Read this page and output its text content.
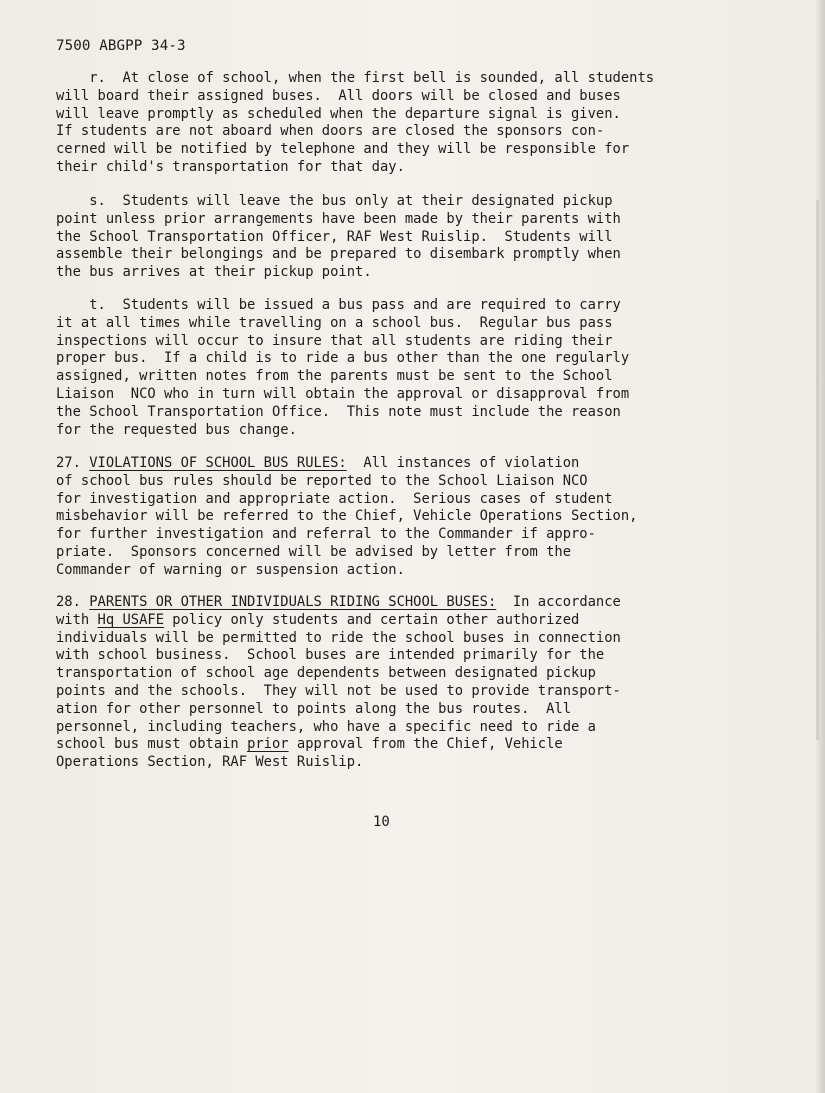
7500 ABGPP 34-3
r.  At close of school, when the first bell is sounded, all students
will board their assigned buses.  All doors will be closed and buses
will leave promptly as scheduled when the departure signal is given.
If students are not aboard when doors are closed the sponsors con-
cerned will be notified by telephone and they will be responsible for
their child's transportation for that day.
s.  Students will leave the bus only at their designated pickup
point unless prior arrangements have been made by their parents with
the School Transportation Officer, RAF West Ruislip.  Students will
assemble their belongings and be prepared to disembark promptly when
the bus arrives at their pickup point.
t.  Students will be issued a bus pass and are required to carry
it at all times while travelling on a school bus.  Regular bus pass
inspections will occur to insure that all students are riding their
proper bus.  If a child is to ride a bus other than the one regularly
assigned, written notes from the parents must be sent to the School
Liaison  NCO who in turn will obtain the approval or disapproval from
the School Transportation Office.  This note must include the reason
for the requested bus change.
27. VIOLATIONS OF SCHOOL BUS RULES:  All instances of violation
of school bus rules should be reported to the School Liaison NCO
for investigation and appropriate action.  Serious cases of student
misbehavior will be referred to the Chief, Vehicle Operations Section,
for further investigation and referral to the Commander if appro-
priate.  Sponsors concerned will be advised by letter from the
Commander of warning or suspension action.
28. PARENTS OR OTHER INDIVIDUALS RIDING SCHOOL BUSES:  In accordance
with Hq USAFE policy only students and certain other authorized
individuals will be permitted to ride the school buses in connection
with school business.  School buses are intended primarily for the
transportation of school age dependents between designated pickup
points and the schools.  They will not be used to provide transport-
ation for other personnel to points along the bus routes.  All
personnel, including teachers, who have a specific need to ride a
school bus must obtain prior approval from the Chief, Vehicle
Operations Section, RAF West Ruislip.
10
